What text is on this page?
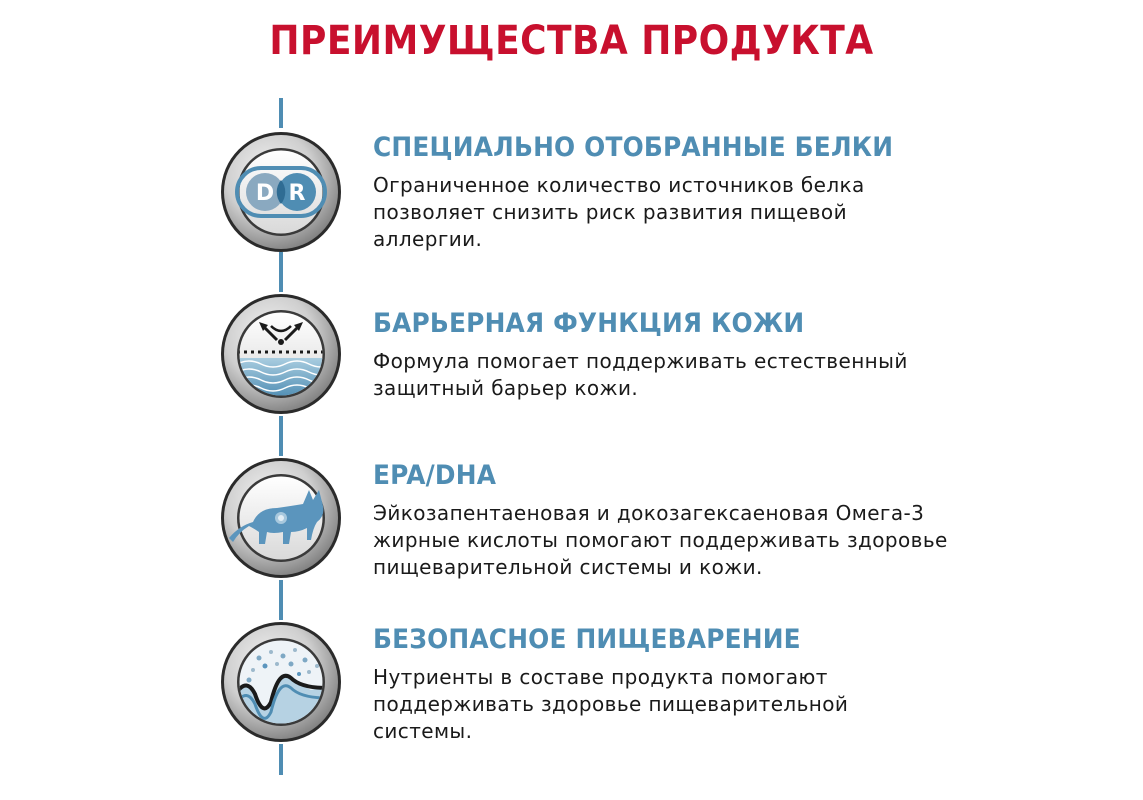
ПРЕИМУЩЕСТВА ПРОДУКТА
D R
СПЕЦИАЛЬНО ОТОБРАННЫЕ БЕЛКИ
Ограниченное количество источников белка
позволяет снизить риск развития пищевой
аллергии.
БАРЬЕРНАЯ ФУНКЦИЯ КОЖИ
Формула помогает поддерживать естественный
защитный барьер кожи.
EPA/DHA
Эйкозапентаеновая и докозагексаеновая Омега-3
жирные кислоты помогают поддерживать здоровье
пищеварительной системы и кожи.
БЕЗОПАСНОЕ ПИЩЕВАРЕНИЕ
Нутриенты в составе продукта помогают
поддерживать здоровье пищеварительной
системы.
